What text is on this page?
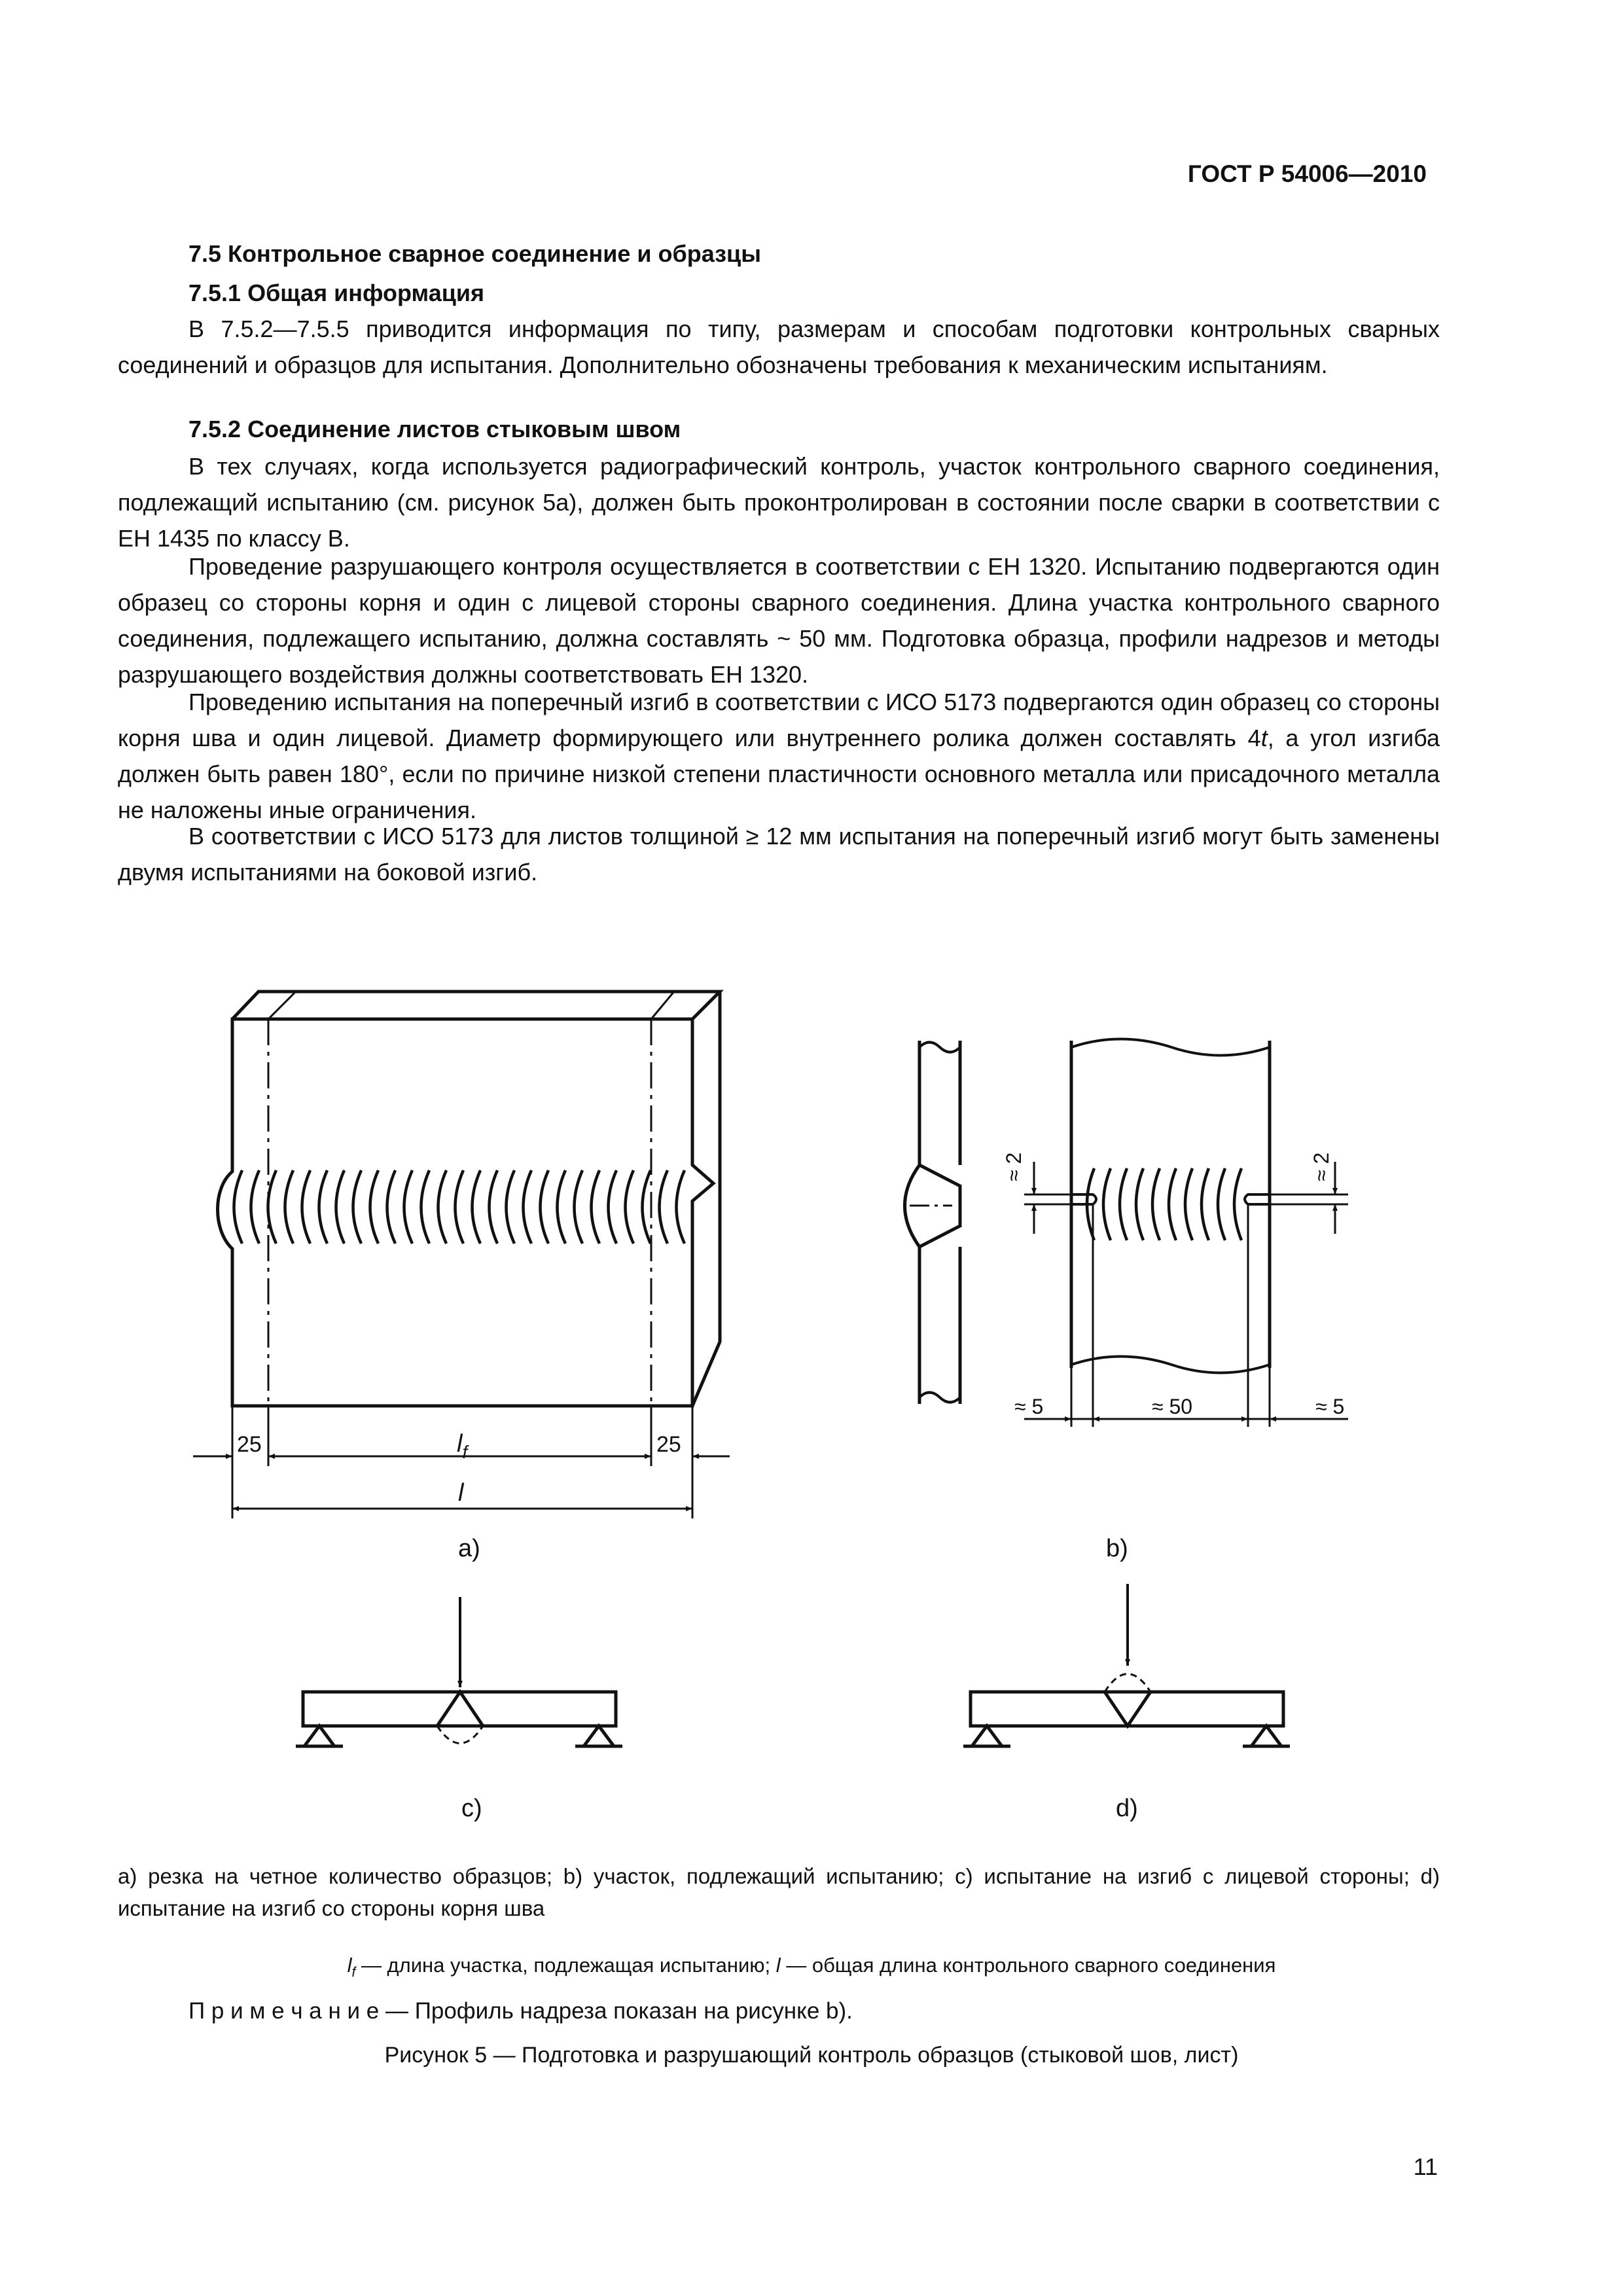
ГОСТ Р 54006—2010
7.5 Контрольное сварное соединение и образцы
7.5.1 Общая информация
В 7.5.2—7.5.5 приводится информация по типу, размерам и способам подготовки контрольных сварных соединений и образцов для испытания. Дополнительно обозначены требования к механическим испытаниям.
7.5.2 Соединение листов стыковым швом
В тех случаях, когда используется радиографический контроль, участок контрольного сварного соединения, подлежащий испытанию (см. рисунок 5а), должен быть проконтролирован в состоянии после сварки в соответствии с ЕН 1435 по классу В.
Проведение разрушающего контроля осуществляется в соответствии с ЕН 1320. Испытанию подвергаются один образец со стороны корня и один с лицевой стороны сварного соединения. Длина участка контрольного сварного соединения, подлежащего испытанию, должна составлять ~ 50 мм. Подготовка образца, профили надрезов и методы разрушающего воздействия должны соответствовать ЕН 1320.
Проведению испытания на поперечный изгиб в соответствии с ИСО 5173 подвергаются один образец со стороны корня шва и один лицевой. Диаметр формирующего или внутреннего ролика должен составлять 4t, а угол изгиба должен быть равен 180°, если по причине низкой степени пластичности основного металла или присадочного металла не наложены иные ограничения.
В соответствии с ИСО 5173 для листов толщиной ≥ 12 мм испытания на поперечный изгиб могут быть заменены двумя испытаниями на боковой изгиб.
25	$l_f$	25
l
a)
≈ 2	≈ 2
≈ 5	≈ 50	≈ 5
b)
c)	d)
a) резка на четное количество образцов; b) участок, подлежащий испытанию; c) испытание на изгиб с лицевой стороны; d) испытание на изгиб со стороны корня шва
$l_f$ — длина участка, подлежащая испытанию; l — общая длина контрольного сварного соединения
П р и м е ч а н и е — Профиль надреза показан на рисунке b).
Рисунок 5 — Подготовка и разрушающий контроль образцов (стыковой шов, лист)
11
